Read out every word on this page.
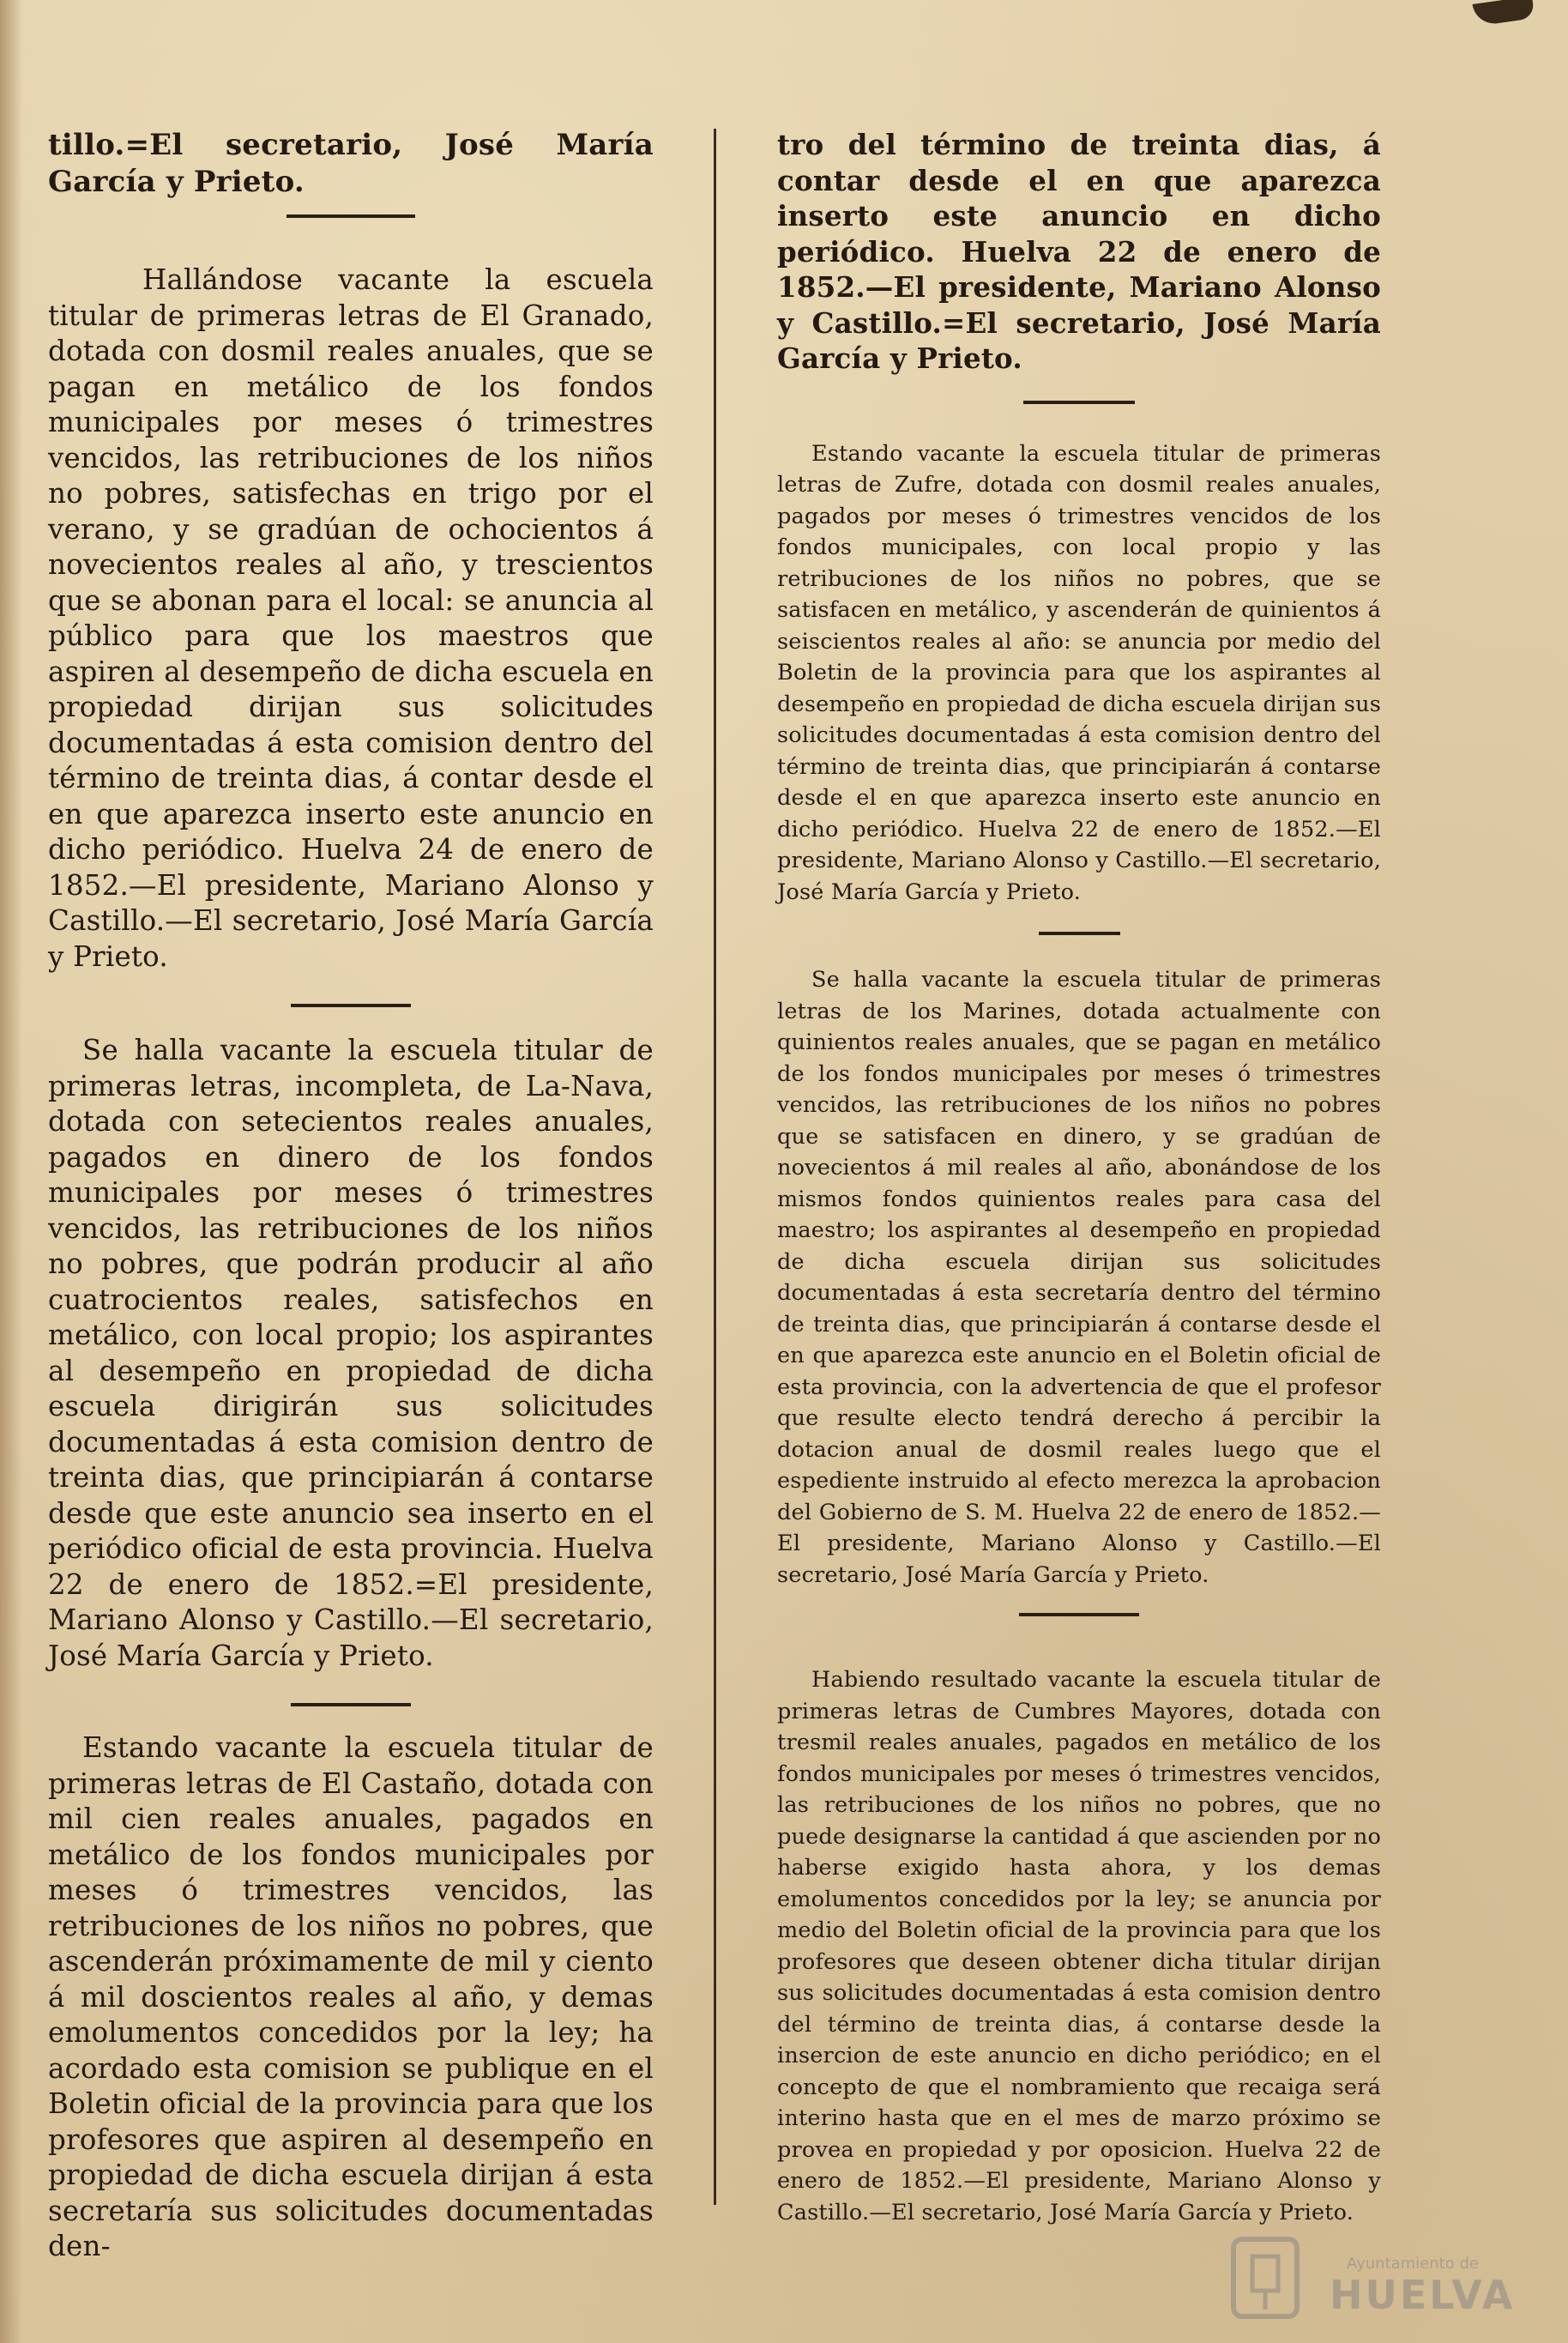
tillo.=El secretario, José María García y Prieto.

Hallándose vacante la escuela titular de primeras letras de El Granado, dotada con dosmil reales anuales, que se pagan en metálico de los fondos municipales por meses ó trimestres vencidos, las retribuciones de los niños no pobres, satisfechas en trigo por el verano, y se gradúan de ochocientos á novecientos reales al año, y trescientos que se abonan para el local: se anuncia al público para que los maestros que aspiren al desempeño de dicha escuela en propiedad dirijan sus solicitudes documentadas á esta comision dentro del término de treinta dias, á contar desde el en que aparezca inserto este anuncio en dicho periódico. Huelva 24 de enero de 1852.—El presidente, Mariano Alonso y Castillo.—El secretario, José María García y Prieto.

Se halla vacante la escuela titular de primeras letras, incompleta, de La-Nava, dotada con setecientos reales anuales, pagados en dinero de los fondos municipales por meses ó trimestres vencidos, las retribuciones de los niños no pobres, que podrán producir al año cuatrocientos reales, satisfechos en metálico, con local propio; los aspirantes al desempeño en propiedad de dicha escuela dirigirán sus solicitudes documentadas á esta comision dentro de treinta dias, que principiarán á contarse desde que este anuncio sea inserto en el periódico oficial de esta provincia. Huelva 22 de enero de 1852.=El presidente, Mariano Alonso y Castillo.—El secretario, José María García y Prieto.

Estando vacante la escuela titular de primeras letras de El Castaño, dotada con mil cien reales anuales, pagados en metálico de los fondos municipales por meses ó trimestres vencidos, las retribuciones de los niños no pobres, que ascenderán próximamente de mil y ciento á mil doscientos reales al año, y demas emolumentos concedidos por la ley; ha acordado esta comision se publique en el Boletin oficial de la provincia para que los profesores que aspiren al desempeño en propiedad de dicha escuela dirijan á esta secretaría sus solicitudes documentadas den-

tro del término de treinta dias, á contar desde el en que aparezca inserto este anuncio en dicho periódico. Huelva 22 de enero de 1852.—El presidente, Mariano Alonso y Castillo.=El secretario, José María García y Prieto.

Estando vacante la escuela titular de primeras letras de Zufre, dotada con dosmil reales anuales, pagados por meses ó trimestres vencidos de los fondos municipales, con local propio y las retribuciones de los niños no pobres, que se satisfacen en metálico, y ascenderán de quinientos á seiscientos reales al año: se anuncia por medio del Boletin de la provincia para que los aspirantes al desempeño en propiedad de dicha escuela dirijan sus solicitudes documentadas á esta comision dentro del término de treinta dias, que principiarán á contarse desde el en que aparezca inserto este anuncio en dicho periódico. Huelva 22 de enero de 1852.—El presidente, Mariano Alonso y Castillo.—El secretario, José María García y Prieto.

Se halla vacante la escuela titular de primeras letras de los Marines, dotada actualmente con quinientos reales anuales, que se pagan en metálico de los fondos municipales por meses ó trimestres vencidos, las retribuciones de los niños no pobres que se satisfacen en dinero, y se gradúan de novecientos á mil reales al año, abonándose de los mismos fondos quinientos reales para casa del maestro; los aspirantes al desempeño en propiedad de dicha escuela dirijan sus solicitudes documentadas á esta secretaría dentro del término de treinta dias, que principiarán á contarse desde el en que aparezca este anuncio en el Boletin oficial de esta provincia, con la advertencia de que el profesor que resulte electo tendrá derecho á percibir la dotacion anual de dosmil reales luego que el espediente instruido al efecto merezca la aprobacion del Gobierno de S. M. Huelva 22 de enero de 1852.—El presidente, Mariano Alonso y Castillo.—El secretario, José María García y Prieto.

Habiendo resultado vacante la escuela titular de primeras letras de Cumbres Mayores, dotada con tresmil reales anuales, pagados en metálico de los fondos municipales por meses ó trimestres vencidos, las retribuciones de los niños no pobres, que no puede designarse la cantidad á que ascienden por no haberse exigido hasta ahora, y los demas emolumentos concedidos por la ley; se anuncia por medio del Boletin oficial de la provincia para que los profesores que deseen obtener dicha titular dirijan sus solicitudes documentadas á esta comision dentro del término de treinta dias, á contarse desde la insercion de este anuncio en dicho periódico; en el concepto de que el nombramiento que recaiga será interino hasta que en el mes de marzo próximo se provea en propiedad y por oposicion. Huelva 22 de enero de 1852.—El presidente, Mariano Alonso y Castillo.—El secretario, José María García y Prieto.

Ayuntamiento de
HUELVA
